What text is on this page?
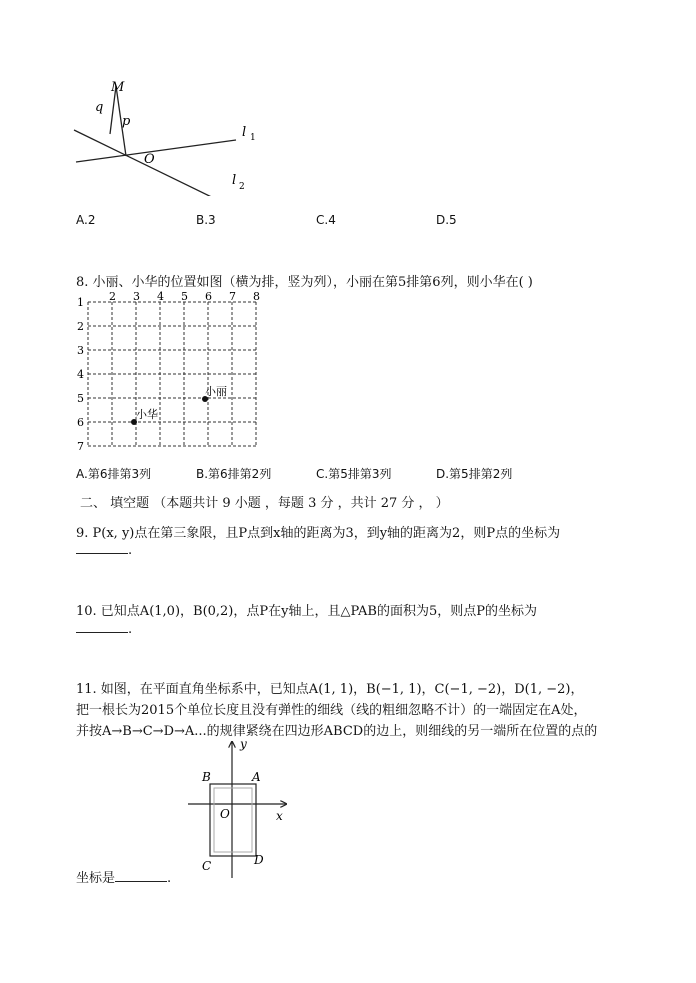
M
q
p
O
l 1
l 2
A.2	B.3	C.4	D.5
8. 小丽、小华的位置如图（横为排，竖为列），小丽在第5排第6列，则小华在( )
2 3 4 5 6 7 8
1
2
3
4
5
6
7
小丽
小华
A.第6排第3列	B.第6排第2列	C.第5排第3列	D.第5排第2列
二、 填空题 （本题共计 9 小题 ，每题 3 分 ，共计 27 分 ， ）
9. P(x, y)点在第三象限，且P点到x轴的距离为3，到y轴的距离为2，则P点的坐标为
.
10. 已知点A(1,0)，B(0,2)，点P在y轴上，且△PAB的面积为5，则点P的坐标为
.
11. 如图，在平面直角坐标系中，已知点A(1, 1)，B(−1, 1)，C(−1, −2)，D(1, −2)，
把一根长为2015个单位长度且没有弹性的细线（线的粗细忽略不计）的一端固定在A处，
并按A→B→C→D→A...的规律紧绕在四边形ABCD的边上，则细线的另一端所在位置的点的
y
x
O
A
B
C	D
坐标是	.
